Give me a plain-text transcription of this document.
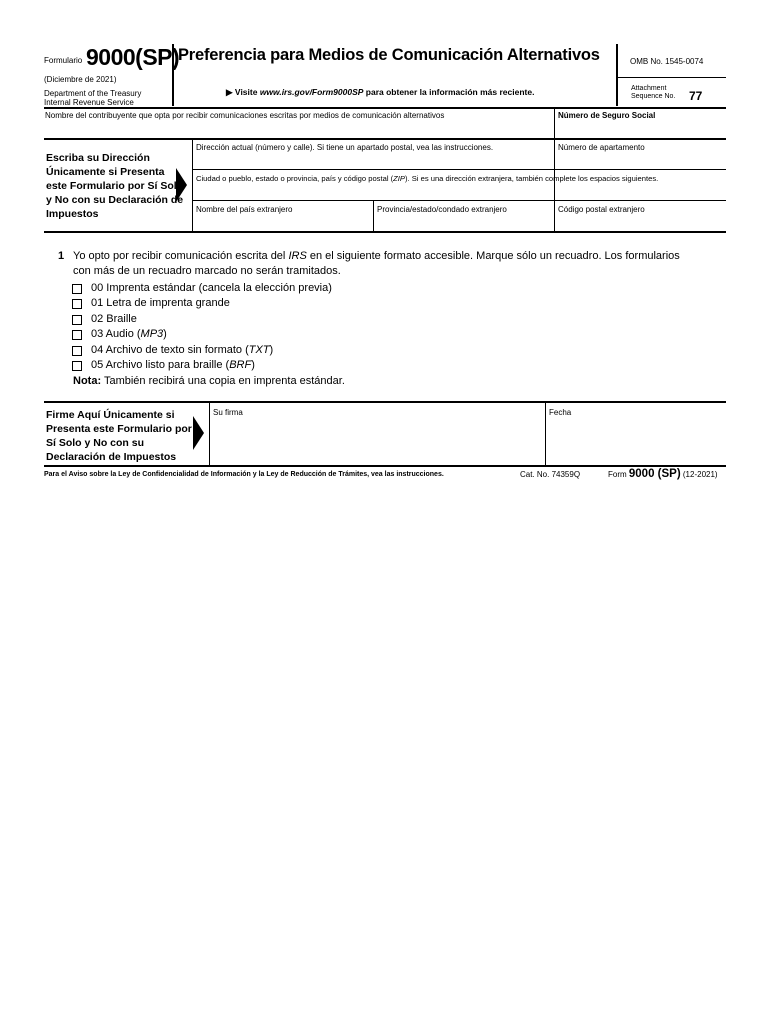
Formulario 9000(SP)
(Diciembre de 2021)
Department of the Treasury
Internal Revenue Service
Preferencia para Medios de Comunicación Alternativos
▶ Visite www.irs.gov/Form9000SP para obtener la información más reciente.
OMB No. 1545-0074
Attachment
Sequence No. 77
Nombre del contribuyente que opta por recibir comunicaciones escritas por medios de comunicación alternativos	Número de Seguro Social
Escriba su Dirección Únicamente si Presenta este Formulario por Sí Solo y No con su Declaración de Impuestos
Dirección actual (número y calle). Si tiene un apartado postal, vea las instrucciones.	Número de apartamento
Ciudad o pueblo, estado o provincia, país y código postal (ZIP). Si es una dirección extranjera, también complete los espacios siguientes.
Nombre del país extranjero	Provincia/estado/condado extranjero	Código postal extranjero
1 Yo opto por recibir comunicación escrita del IRS en el siguiente formato accesible. Marque sólo un recuadro. Los formularios
con más de un recuadro marcado no serán tramitados.
00 Imprenta estándar (cancela la elección previa)
01 Letra de imprenta grande
02 Braille
03 Audio (MP3)
04 Archivo de texto sin formato (TXT)
05 Archivo listo para braille (BRF)
Nota: También recibirá una copia en imprenta estándar.
Firme Aquí Únicamente si Presenta este Formulario por Sí Solo y No con su Declaración de Impuestos
Su firma	Fecha
Para el Aviso sobre la Ley de Confidencialidad de Información y la Ley de Reducción de Trámites, vea las instrucciones.	Cat. No. 74359Q	Form 9000 (SP) (12-2021)
